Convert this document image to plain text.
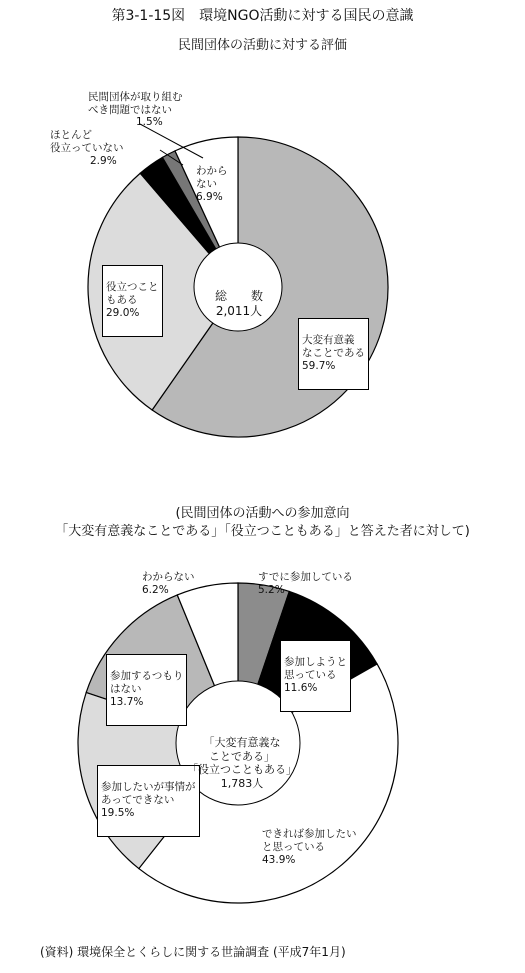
第3-1-15図　環境NGO活動に対する国民の意識
民間団体の活動に対する評価
(民間団体の活動への参加意向
「大変有意義なことである」「役立つこともある」と答えた者に対して)

大変有意義
なことである

59.7%

役立つこと
もある

29.0%

ほとんど
役立っていない

2.9%

民間団体が取り組む
べき問題ではない

1.5%

わから
ない

6.9%

総　　数
2,011人

すでに参加している

5.2%

参加しようと
思っている

11.6%

できれば参加したい
と思っている

43.9%

参加したいが事情が
あってできない

19.5%

参加するつもり
はない

13.7%

わからない

6.2%

「大変有意義な
ことである」
「役立つこともある」
1,783人

(資料) 環境保全とくらしに関する世論調査 (平成7年1月)
